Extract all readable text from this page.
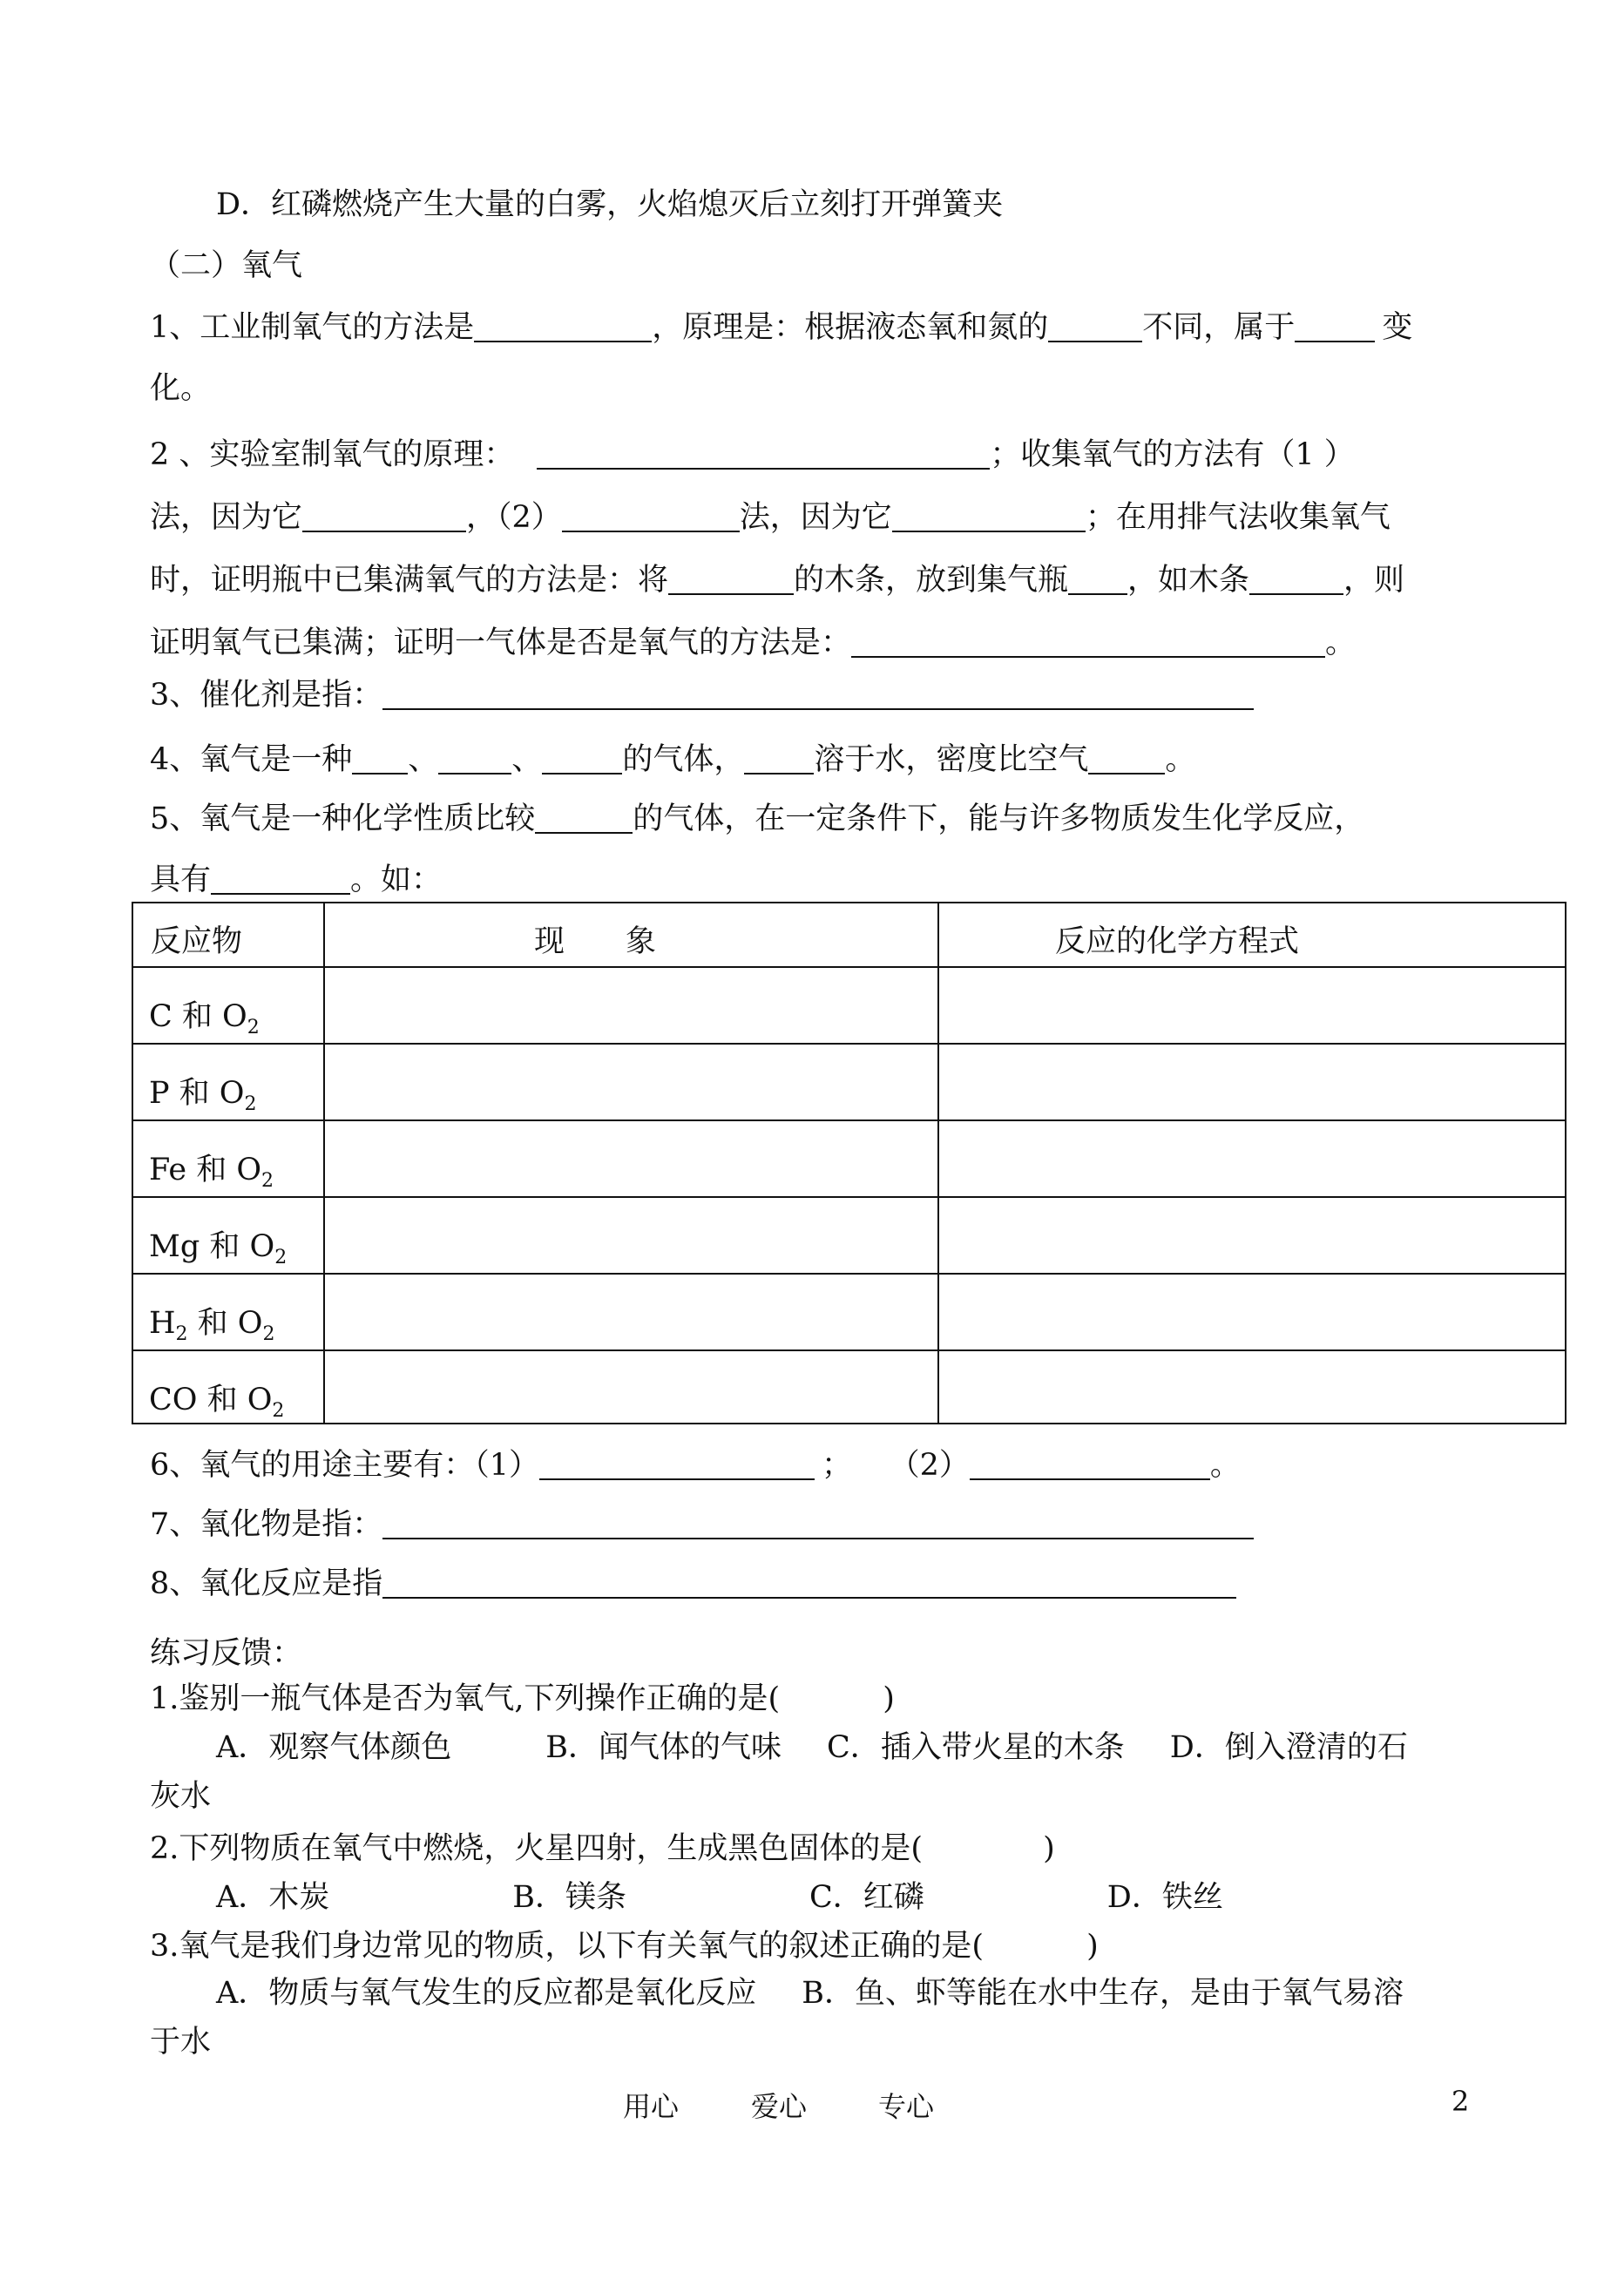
D．红磷燃烧产生大量的白雾，火焰熄灭后立刻打开弹簧夹
（二）氧气
1、工业制氧气的方法是	，原理是：根据液态氧和氮的	不同，属于	变
化。
2 、实验室制氧气的原理：	；收集氧气的方法有（1 ）
法，因为它	，（2）	法，因为它	；在用排气法收集氧气
时，证明瓶中已集满氧气的方法是：将	的木条，放到集气瓶 ，如木条	，则
证明氧气已集满；证明一气体是否是氧气的方法是：	。
3、催化剂是指：
4、氧气是一种 、 、	的气体， 溶于水，密度比空气	。
5、氧气是一种化学性质比较	的气体，在一定条件下，能与许多物质发生化学反应，
具有	。如：
反应物	现　　象	反应的化学方程式
C 和 $O_2$
P 和 $O_2$
Fe 和 $O_2$
Mg 和 $O_2$
$H_2$ 和 $O_2$
CO 和 $O_2$
6、氧气的用途主要有：（1）	； （2）	。
7、氧化物是指：
8、氧化反应是指
练习反馈：
1.鉴别一瓶气体是否为氧气,下列操作正确的是(	)
A．观察气体颜色	B．闻气体的气味 C．插入带火星的木条 D．倒入澄清的石
灰水
2.下列物质在氧气中燃烧，火星四射，生成黑色固体的是(	)
A．木炭	B．镁条	C．红磷	D．铁丝
3.氧气是我们身边常见的物质，以下有关氧气的叙述正确的是(	)
A．物质与氧气发生的反应都是氧化反应 B．鱼、虾等能在水中生存，是由于氧气易溶
于水
用心	爱心	专心	2
